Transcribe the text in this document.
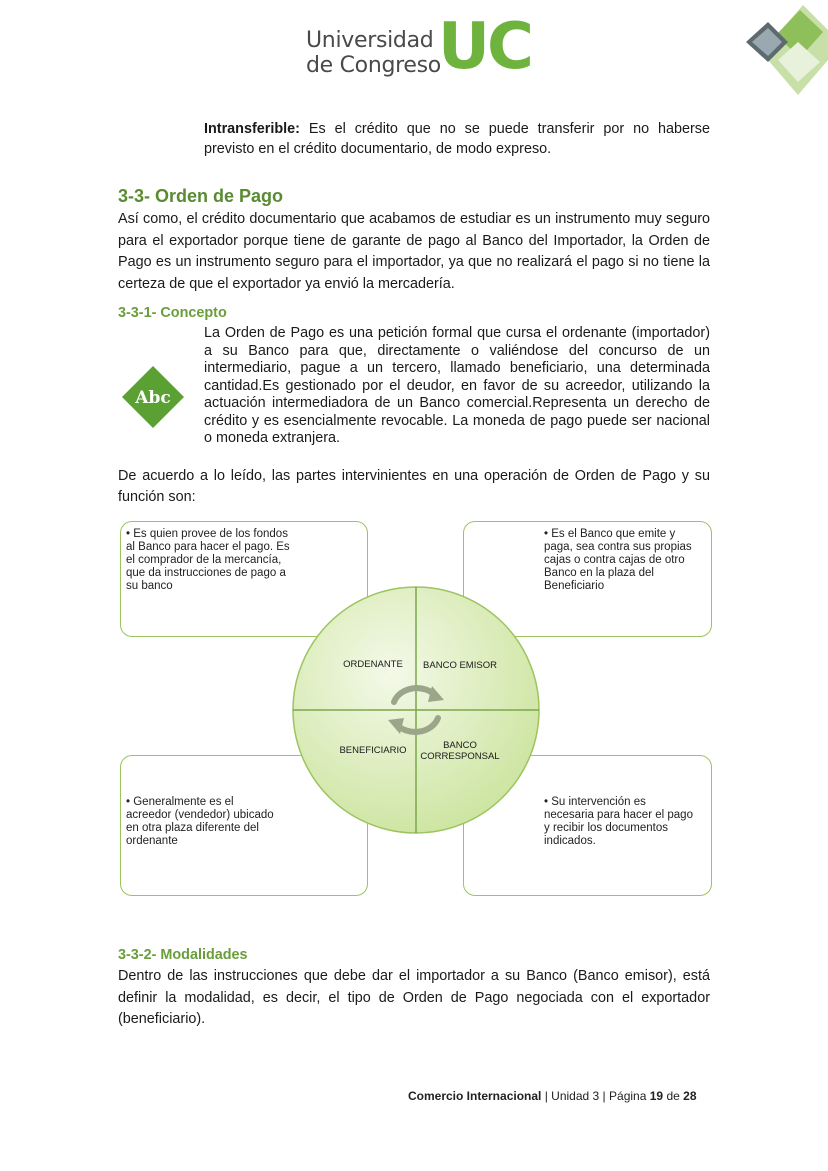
Universidad
de Congreso
UC

Intransferible: Es el crédito que no se puede transferir por no haberse previsto en el crédito documentario, de modo expreso.

3-3- Orden de Pago

Así como, el crédito documentario que acabamos de estudiar es un instrumento muy seguro para el exportador porque tiene de garante de pago al Banco del Importador, la Orden de Pago es un instrumento seguro para el importador, ya que no realizará el pago si no tiene la certeza de que el exportador ya envió la mercadería.

3-3-1- Concepto
Abc

La Orden de Pago es una petición formal que cursa el ordenante (importador) a su Banco para que, directamente o valiéndose del concurso de un intermediario, pague a un tercero, llamado beneficiario, una determinada cantidad.Es gestionado por el deudor, en favor de su acreedor, utilizando la actuación intermediadora de un Banco comercial.Representa un derecho de crédito y es esencialmente revocable. La moneda de pago puede ser nacional o moneda extranjera.

De acuerdo a lo leído, las partes intervinientes en una operación de Orden de Pago y su función son:

• Es quien provee de los fondos al Banco para hacer el pago. Es el comprador de la mercancía, que da instrucciones de pago a su banco
• Es el Banco que emite y paga, sea contra sus propias cajas o contra cajas de otro Banco en la plaza del Beneficiario
• Generalmente es el acreedor (vendedor) ubicado en otra plaza diferente del ordenante
• Su intervención es necesaria para hacer el pago y recibir los documentos indicados.
ORDENANTE	BANCO EMISOR
BENEFICIARIO	BANCO
CORRESPONSAL
3-3-2- Modalidades

Dentro de las instrucciones que debe dar el importador a su Banco (Banco emisor), está definir la modalidad, es decir, el tipo de Orden de Pago negociada con el exportador (beneficiario).

Comercio Internacional | Unidad 3 | Página 19 de 28
